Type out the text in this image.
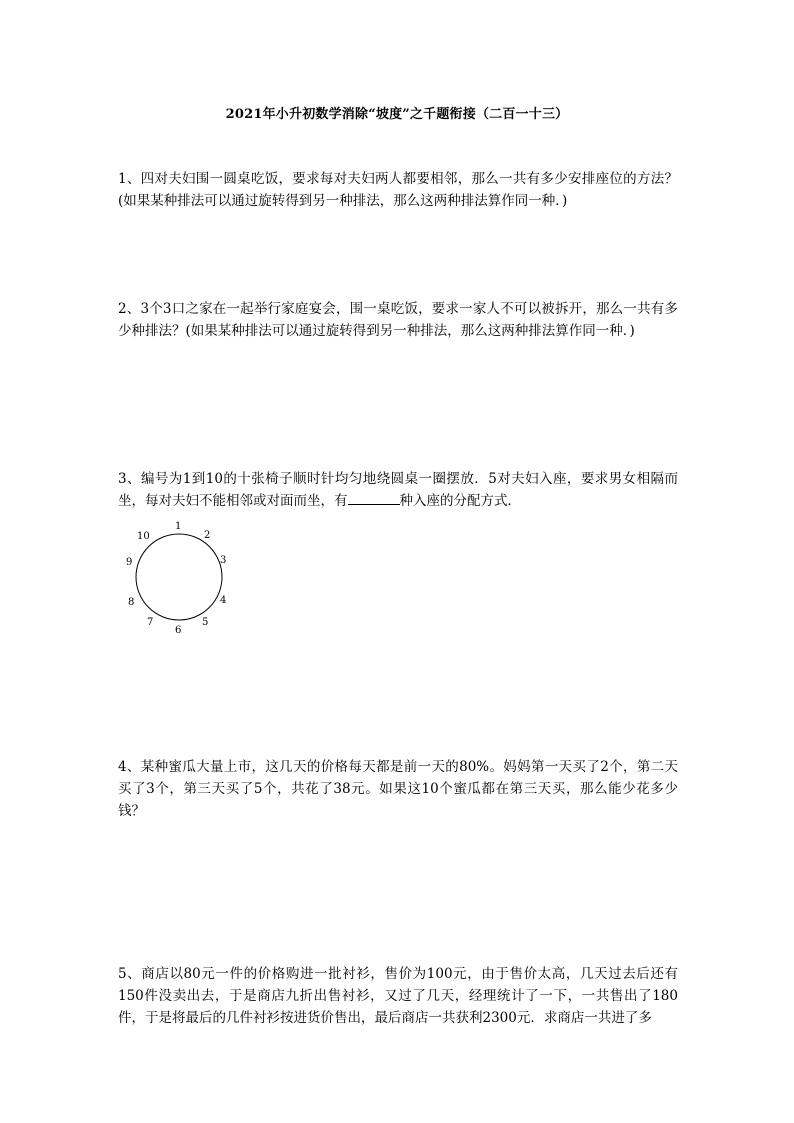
2021年小升初数学消除“坡度”之千题衔接（二百一十三）
1、四对夫妇围一圆桌吃饭，要求每对夫妇两人都要相邻，那么一共有多少安排座位的方法？(如果某种排法可以通过旋转得到另一种排法，那么这两种排法算作同一种．)
2、3个3口之家在一起举行家庭宴会，围一桌吃饭，要求一家人不可以被拆开，那么一共有多少种排法？(如果某种排法可以通过旋转得到另一种排法，那么这两种排法算作同一种．)
3、编号为1到10的十张椅子顺时针均匀地绕圆桌一圈摆放．5对夫妇入座，要求男女相隔而坐，每对夫妇不能相邻或对面而坐，有	种入座的分配方式．
1
2
3
4
5
6
7
8
9
10
4、某种蜜瓜大量上市，这几天的价格每天都是前一天的80%。妈妈第一天买了2个，第二天买了3个，第三天买了5个，共花了38元。如果这10个蜜瓜都在第三天买，那么能少花多少钱？
5、商店以80元一件的价格购进一批衬衫，售价为100元，由于售价太高，几天过去后还有150件没卖出去，于是商店九折出售衬衫，又过了几天，经理统计了一下，一共售出了180件，于是将最后的几件衬衫按进货价售出，最后商店一共获利2300元．求商店一共进了多
